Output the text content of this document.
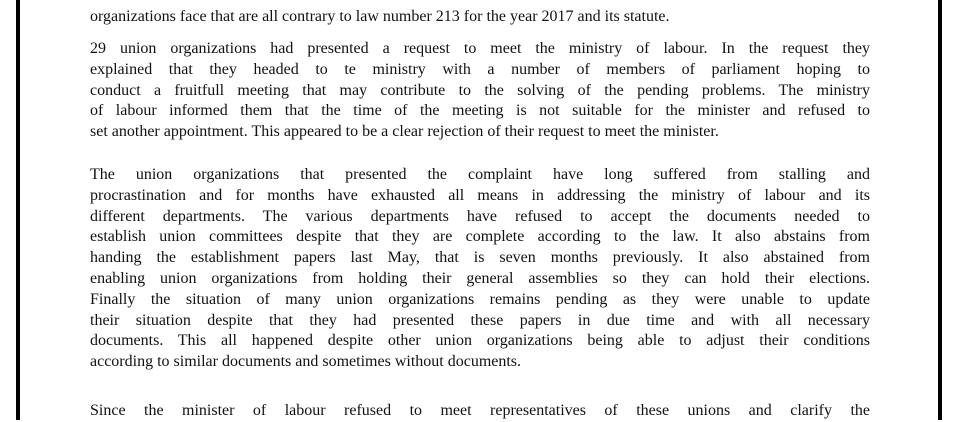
organizations face that are all contrary to law number 213 for the year 2017 and its statute.
29 union organizations had presented a request to meet the ministry of labour. In the request they
explained that they headed to te ministry with a number of members of parliament hoping to
conduct a fruitfull meeting that may contribute to the solving of the pending problems. The ministry
of labour informed them that the time of the meeting is not suitable for the minister and refused to
set another appointment. This appeared to be a clear rejection of their request to meet the minister.
The union organizations that presented the complaint have long suffered from stalling and
procrastination and for months have exhausted all means in addressing the ministry of labour and its
different departments. The various departments have refused to accept the documents needed to
establish union committees despite that they are complete according to the law. It also abstains from
handing the establishment papers last May, that is seven months previously. It also abstained from
enabling union organizations from holding their general assemblies so they can hold their elections.
Finally the situation of many union organizations remains pending as they were unable to update
their situation despite that they had presented these papers in due time and with all necessary
documents. This all happened despite other union organizations being able to adjust their conditions
according to similar documents and sometimes without documents.
Since the minister of labour refused to meet representatives of these unions and clarify the
